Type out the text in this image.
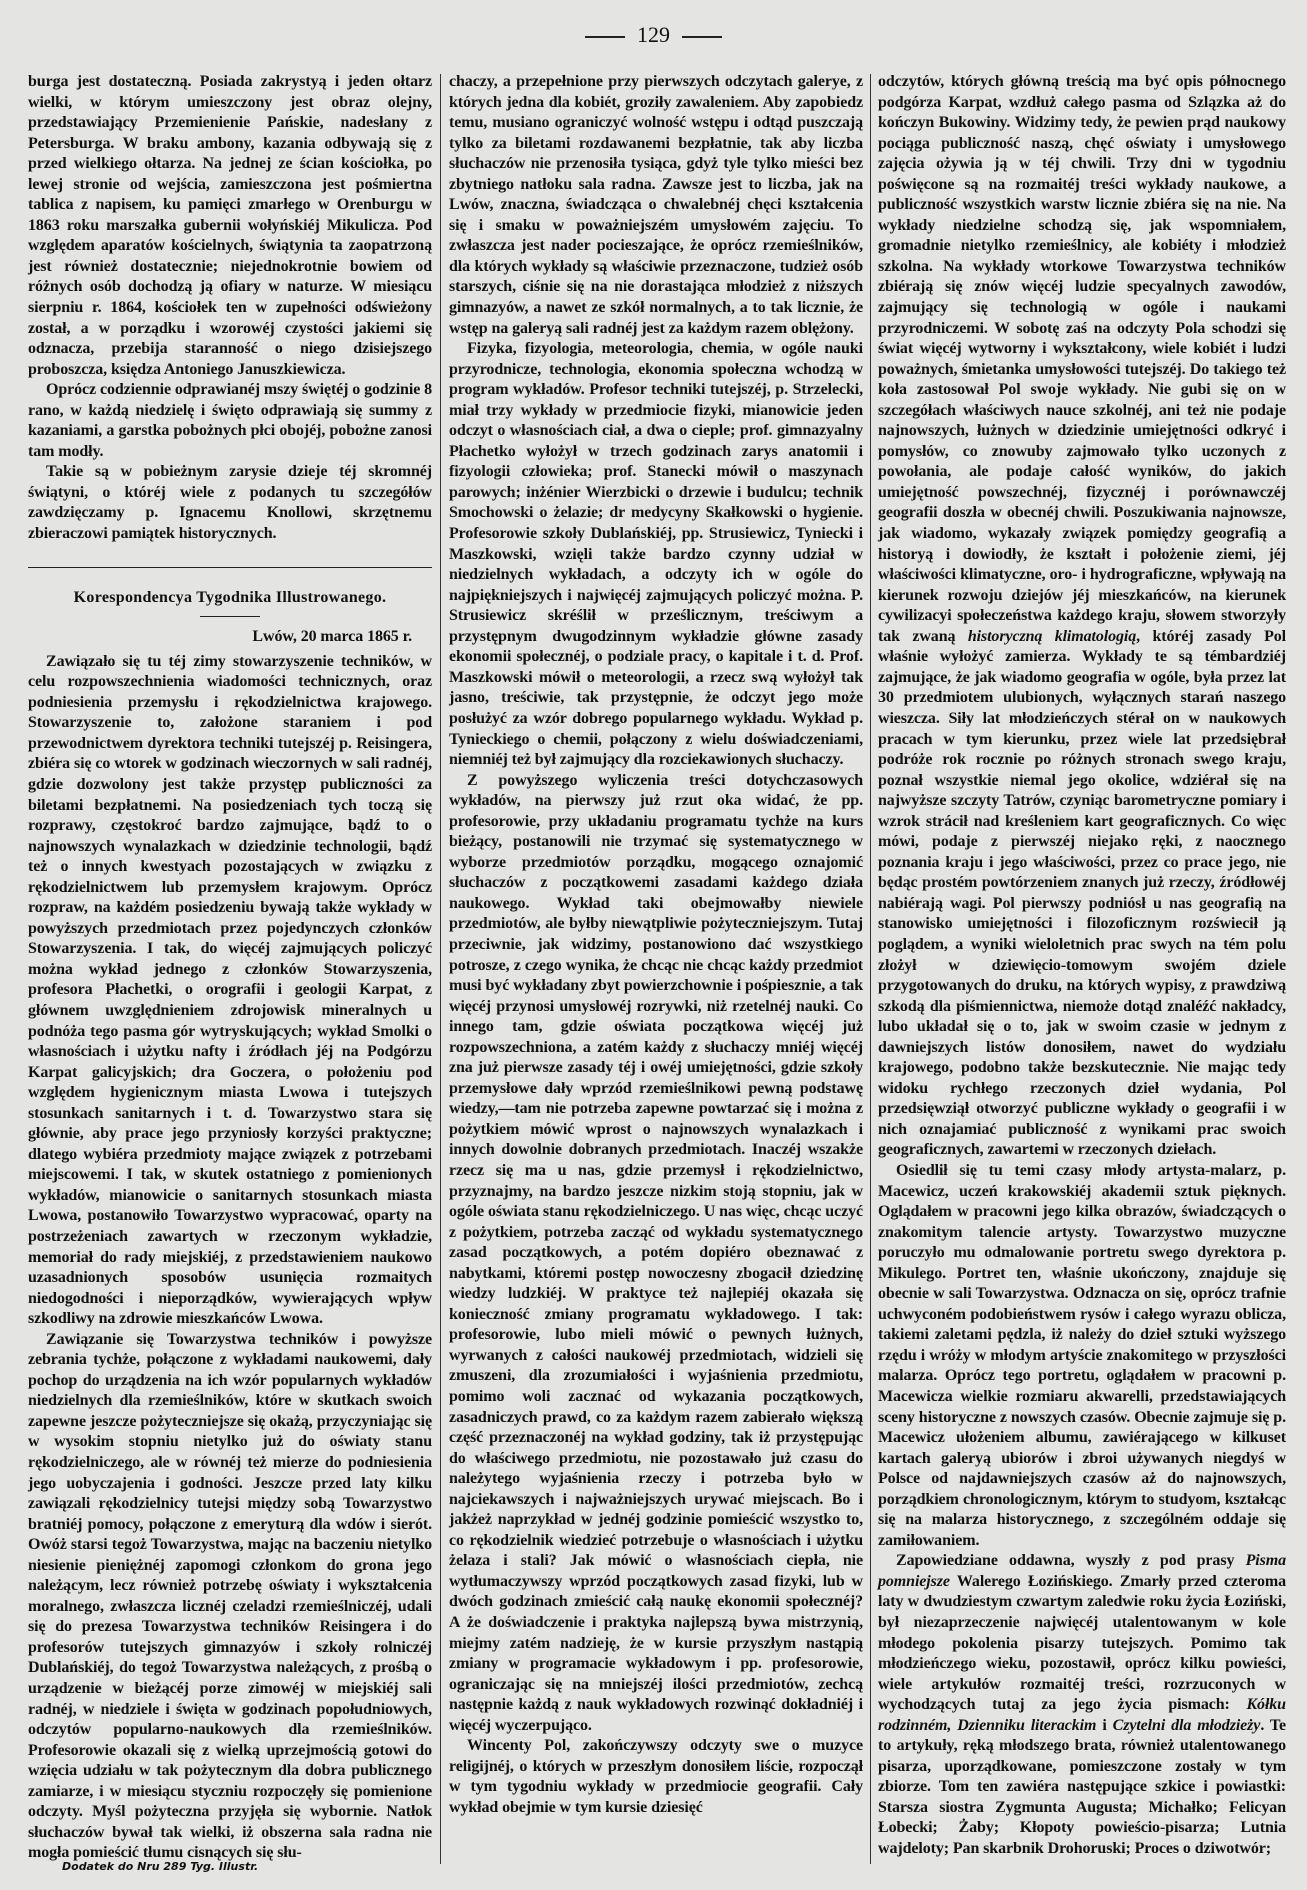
129

burga jest dostateczną. Posiada zakrystyą i jeden ołtarz wielki, w którym umieszczony jest obraz olejny, przedstawiający Przemienienie Pańskie, nadesłany z Petersburga. W braku ambony, kazania odbywają się z przed wielkiego ołtarza. Na jednej ze ścian kościołka, po lewej stronie od wejścia, zamieszczona jest pośmiertna tablica z napisem, ku pamięci zmarłego w Orenburgu w 1863 roku marszałka gubernii wołyńskiéj Mikulicza. Pod względem aparatów kościelnych, świątynia ta zaopatrzoną jest również dostatecznie; niejednokrotnie bowiem od różnych osób dochodzą ją ofiary w naturze. W miesiącu sierpniu r. 1864, kościołek ten w zupełności odświeżony został, a w porządku i wzorowéj czystości jakiemi się odznacza, przebija staranność o niego dzisiejszego proboszcza, księdza Antoniego Januszkiewicza.

Oprócz codziennie odprawianéj mszy świętéj o godzinie 8 rano, w każdą niedzielę i święto odprawiają się summy z kazaniami, a garstka pobożnych płci obojéj, pobożne zanosi tam modły.

Takie są w pobieżnym zarysie dzieje téj skromnéj świątyni, o któréj wiele z podanych tu szczegółów zawdzięczamy p. Ignacemu Knollowi, skrzętnemu zbieraczowi pamiątek historycznych.

Korespondencya Tygodnika Illustrowanego.
Lwów, 20 marca 1865 r.

Zawiązało się tu téj zimy stowarzyszenie techników, w celu rozpowszechnienia wiadomości technicznych, oraz podniesienia przemysłu i rękodzielnictwa krajowego. Stowarzyszenie to, założone staraniem i pod przewodnictwem dyrektora techniki tutejszéj p. Reisingera, zbiéra się co wtorek w godzinach wieczornych w sali radnéj, gdzie dozwolony jest także przystęp publiczności za biletami bezpłatnemi. Na posiedzeniach tych toczą się rozprawy, częstokroć bardzo zajmujące, bądź to o najnowszych wynalazkach w dziedzinie technologii, bądź też o innych kwestyach pozostających w związku z rękodzielnictwem lub przemysłem krajowym. Oprócz rozpraw, na każdém posiedzeniu bywają także wykłady w powyższych przedmiotach przez pojedynczych członków Stowarzyszenia. I tak, do więcéj zajmujących policzyć można wykład jednego z członków Stowarzyszenia, profesora Płachetki, o orografii i geologii Karpat, z głównem uwzględnieniem zdrojowisk mineralnych u podnóża tego pasma gór wytryskujących; wykład Smolki o własnościach i użytku nafty i źródłach jéj na Podgórzu Karpat galicyjskich; dra Goczera, o położeniu pod względem hygienicznym miasta Lwowa i tutejszych stosunkach sanitarnych i t. d. Towarzystwo stara się głównie, aby prace jego przyniosły korzyści praktyczne; dlatego wybiéra przedmioty mające związek z potrzebami miejscowemi. I tak, w skutek ostatniego z pomienionych wykładów, mianowicie o sanitarnych stosunkach miasta Lwowa, postanowiło Towarzystwo wypracować, oparty na postrzeżeniach zawartych w rzeczonym wykładzie, memoriał do rady miejskiéj, z przedstawieniem naukowo uzasadnionych sposobów usunięcia rozmaitych niedogodności i nieporządków, wywierających wpływ szkodliwy na zdrowie mieszkańców Lwowa.

Zawiązanie się Towarzystwa techników i powyższe zebrania tychże, połączone z wykładami naukowemi, dały pochop do urządzenia na ich wzór popularnych wykładów niedzielnych dla rzemieślników, które w skutkach swoich zapewne jeszcze pożyteczniejsze się okażą, przyczyniając się w wysokim stopniu nietylko już do oświaty stanu rękodzielniczego, ale w równéj też mierze do podniesienia jego uobyczajenia i godności. Jeszcze przed laty kilku zawiązali rękodzielnicy tutejsi między sobą Towarzystwo bratniéj pomocy, połączone z emeryturą dla wdów i sierót. Owóż starsi tegoż Towarzystwa, mając na baczeniu nietylko niesienie pieniężnéj zapomogi członkom do grona jego należącym, lecz również potrzebę oświaty i wykształcenia moralnego, zwłaszcza licznéj czeladzi rzemieślniczéj, udali się do prezesa Towarzystwa techników Reisingera i do profesorów tutejszych gimnazyów i szkoły rolniczéj Dublańskiéj, do tegoż Towarzystwa należących, z prośbą o urządzenie w bieżącéj porze zimowéj w miejskiéj sali radnéj, w niedziele i święta w godzinach popołudniowych, odczytów popularno-naukowych dla rzemieślników. Profesorowie okazali się z wielką uprzejmością gotowi do wzięcia udziału w tak pożytecznym dla dobra publicznego zamiarze, i w miesiącu styczniu rozpoczęły się pomienione odczyty. Myśl pożyteczna przyjęła się wybornie. Natłok słuchaczów bywał tak wielki, iż obszerna sala radna nie mogła pomieścić tłumu cisnących się słu-

chaczy, a przepełnione przy pierwszych odczytach galerye, z których jedna dla kobiét, groziły zawaleniem. Aby zapobiedz temu, musiano ograniczyć wolność wstępu i odtąd puszczają tylko za biletami rozdawanemi bezpłatnie, tak aby liczba słuchaczów nie przenosiła tysiąca, gdyż tyle tylko mieści bez zbytniego natłoku sala radna. Zawsze jest to liczba, jak na Lwów, znaczna, świadcząca o chwalebnéj chęci kształcenia się i smaku w poważniejszém umysłowém zajęciu. To zwłaszcza jest nader pocieszające, że oprócz rzemieślników, dla których wykłady są właściwie przeznaczone, tudzież osób starszych, ciśnie się na nie dorastająca młodzież z niższych gimnazyów, a nawet ze szkół normalnych, a to tak licznie, że wstęp na galeryą sali radnéj jest za każdym razem oblężony.

Fizyka, fizyologia, meteorologia, chemia, w ogóle nauki przyrodnicze, technologia, ekonomia społeczna wchodzą w program wykładów. Profesor techniki tutejszéj, p. Strzelecki, miał trzy wykłady w przedmiocie fizyki, mianowicie jeden odczyt o własnościach ciał, a dwa o cieple; prof. gimnazyalny Płachetko wyłożył w trzech godzinach zarys anatomii i fizyologii człowieka; prof. Stanecki mówił o maszynach parowych; inżénier Wierzbicki o drzewie i budulcu; technik Smochowski o żelazie; dr medycyny Skałkowski o hygienie. Profesorowie szkoły Dublańskiéj, pp. Strusiewicz, Tyniecki i Maszkowski, wzięli także bardzo czynny udział w niedzielnych wykładach, a odczyty ich w ogóle do najpiękniejszych i najwięcéj zajmujących policzyć można. P. Strusiewicz skréślił w prześlicznym, treściwym a przystępnym dwugodzinnym wykładzie główne zasady ekonomii społecznéj, o podziale pracy, o kapitale i t. d. Prof. Maszkowski mówił o meteorologii, a rzecz swą wyłożył tak jasno, treściwie, tak przystępnie, że odczyt jego może posłużyć za wzór dobrego popularnego wykładu. Wykład p. Tynieckiego o chemii, połączony z wielu doświadczeniami, niemniéj też był zajmujący dla rozciekawionych słuchaczy.

Z powyższego wyliczenia treści dotychczasowych wykładów, na pierwszy już rzut oka widać, że pp. profesorowie, przy układaniu programatu tychże na kurs bieżący, postanowili nie trzymać się systematycznego w wyborze przedmiotów porządku, mogącego oznajomić słuchaczów z początkowemi zasadami każdego działa naukowego. Wykład taki obejmowałby niewiele przedmiotów, ale byłby niewątpliwie pożyteczniejszym. Tutaj przeciwnie, jak widzimy, postanowiono dać wszystkiego potrosze, z czego wynika, że chcąc nie chcąc każdy przedmiot musi być wykładany zbyt powierzchownie i pośpiesznie, a tak więcéj przynosi umysłowéj rozrywki, niż rzetelnéj nauki. Co innego tam, gdzie oświata początkowa więcéj już rozpowszechniona, a zatém każdy z słuchaczy mniéj więcéj zna już pierwsze zasady téj i owéj umiejętności, gdzie szkoły przemysłowe dały wprzód rzemieślnikowi pewną podstawę wiedzy,—tam nie potrzeba zapewne powtarzać się i można z pożytkiem mówić wprost o najnowszych wynalazkach i innych dowolnie dobranych przedmiotach. Inaczéj wszakże rzecz się ma u nas, gdzie przemysł i rękodzielnictwo, przyznajmy, na bardzo jeszcze nizkim stoją stopniu, jak w ogóle oświata stanu rękodzielniczego. U nas więc, chcąc uczyć z pożytkiem, potrzeba zacząć od wykładu systematycznego zasad początkowych, a potém dopiéro obeznawać z nabytkami, któremi postęp nowoczesny zbogacił dziedzinę wiedzy ludzkiéj. W praktyce też najlepiéj okazała się konieczność zmiany programatu wykładowego. I tak: profesorowie, lubo mieli mówić o pewnych łużnych, wyrwanych z całości naukowéj przedmiotach, widzieli się zmuszeni, dla zrozumiałości i wyjaśnienia przedmiotu, pomimo woli zacznać od wykazania początkowych, zasadniczych prawd, co za każdym razem zabierało większą część przeznaczonéj na wykład godziny, tak iż przystępując do właściwego przedmiotu, nie pozostawało już czasu do należytego wyjaśnienia rzeczy i potrzeba było w najciekawszych i najważniejszych urywać miejscach. Bo i jakżeż naprzykład w jednéj godzinie pomieścić wszystko to, co rękodzielnik wiedzieć potrzebuje o własnościach i użytku żelaza i stali? Jak mówić o własnościach ciepła, nie wytłumaczywszy wprzód początkowych zasad fizyki, lub w dwóch godzinach zmieścić całą naukę ekonomii społecznéj? A że doświadczenie i praktyka najlepszą bywa mistrzynią, miejmy zatém nadzieję, że w kursie przyszłym nastąpią zmiany w programacie wykładowym i pp. profesorowie, ograniczając się na mniejszéj ilości przedmiotów, zechcą następnie każdą z nauk wykładowych rozwinąć dokładniéj i więcéj wyczerpująco.

Wincenty Pol, zakończywszy odczyty swe o muzyce religijnéj, o których w przeszłym donosiłem liście, rozpoczął w tym tygodniu wykłady w przedmiocie geografii. Cały wykład obejmie w tym kursie dziesięć

odczytów, których główną treścią ma być opis północnego podgórza Karpat, wzdłuż całego pasma od Szlązka aż do kończyn Bukowiny. Widzimy tedy, że pewien prąd naukowy pociąga publiczność naszą, chęć oświaty i umysłowego zajęcia ożywia ją w téj chwili. Trzy dni w tygodniu poświęcone są na rozmaitéj treści wykłady naukowe, a publiczność wszystkich warstw licznie zbiéra się na nie. Na wykłady niedzielne schodzą się, jak wspomniałem, gromadnie nietylko rzemieślnicy, ale kobiéty i młodzież szkolna. Na wykłady wtorkowe Towarzystwa techników zbiérają się znów więcéj ludzie specyalnych zawodów, zajmujący się technologią w ogóle i naukami przyrodniczemi. W sobotę zaś na odczyty Pola schodzi się świat więcéj wytworny i wykształcony, wiele kobiét i ludzi poważnych, śmietanka umysłowości tutejszéj. Do takiego też koła zastosował Pol swoje wykłady. Nie gubi się on w szczegółach właściwych nauce szkolnéj, ani też nie podaje najnowszych, łużnych w dziedzinie umiejętności odkryć i pomysłów, co znowuby zajmowało tylko uczonych z powołania, ale podaje całość wyników, do jakich umiejętność powszechnéj, fizycznéj i porównawczéj geografii doszła w obecnéj chwili. Poszukiwania najnowsze, jak wiadomo, wykazały związek pomiędzy geografią a historyą i dowiodły, że kształt i położenie ziemi, jéj właściwości klimatyczne, oro- i hydrograficzne, wpływają na kierunek rozwoju dziejów jéj mieszkańców, na kierunek cywilizacyi społeczeństwa każdego kraju, słowem stworzyły tak zwaną historyczną klimatologią, któréj zasady Pol właśnie wyłożyć zamierza. Wykłady te są témbardziéj zajmujące, że jak wiadomo geografia w ogóle, była przez lat 30 przedmiotem ulubionych, wyłącznych starań naszego wieszcza. Siły lat młodzieńczych stérał on w naukowych pracach w tym kierunku, przez wiele lat przedsiębrał podróże rok rocznie po różnych stronach swego kraju, poznał wszystkie niemal jego okolice, wdziérał się na najwyższe szczyty Tatrów, czyniąc barometryczne pomiary i wzrok strácił nad kreśleniem kart geograficznych. Co więc mówi, podaje z pierwszéj niejako ręki, z naocznego poznania kraju i jego właściwości, przez co prace jego, nie będąc prostém powtórzeniem znanych już rzeczy, źródłowéj nabiérają wagi. Pol pierwszy podniósł u nas geografią na stanowisko umiejętności i filozoficznym rozświecił ją poglądem, a wyniki wieloletnich prac swych na tém polu złożył w dziewięcio-tomowym swojém dziele przygotowanych do druku, na których wypisy, z prawdziwą szkodą dla piśmiennictwa, niemoże dotąd znaléźć nakładcy, lubo układał się o to, jak w swoim czasie w jednym z dawniejszych listów donosiłem, nawet do wydziału krajowego, podobno także bezskutecznie. Nie mając tedy widoku rychłego rzeczonych dzieł wydania, Pol przedsięwziął otworzyć publiczne wykłady o geografii i w nich oznajamiać publiczność z wynikami prac swoich geograficznych, zawartemi w rzeczonych dziełach.

Osiedlił się tu temi czasy młody artysta-malarz, p. Macewicz, uczeń krakowskiéj akademii sztuk pięknych. Oglądałem w pracowni jego kilka obrazów, świadczących o znakomitym talencie artysty. Towarzystwo muzyczne poruczyło mu odmalowanie portretu swego dyrektora p. Mikulego. Portret ten, właśnie ukończony, znajduje się obecnie w sali Towarzystwa. Odznacza on się, oprócz trafnie uchwyconém podobieństwem rysów i całego wyrazu oblicza, takiemi zaletami pędzla, iż należy do dzieł sztuki wyższego rzędu i wróży w młodym artyście znakomitego w przyszłości malarza. Oprócz tego portretu, oglądałem w pracowni p. Macewicza wielkie rozmiaru akwarelli, przedstawiających sceny historyczne z nowszych czasów. Obecnie zajmuje się p. Macewicz ułożeniem albumu, zawiérającego w kilkuset kartach galeryą ubiorów i zbroi używanych niegdyś w Polsce od najdawniejszych czasów aż do najnowszych, porządkiem chronologicznym, którym to studyom, kształcąc się na malarza historycznego, z szczególném oddaje się zamiłowaniem.

Zapowiedziane oddawna, wyszły z pod prasy Pisma pomniejsze Walerego Łozińskiego. Zmarły przed czteroma laty w dwudziestym czwartym zaledwie roku życia Łoziński, był niezaprzeczenie najwięcéj utalentowanym w kole młodego pokolenia pisarzy tutejszych. Pomimo tak młodzieńczego wieku, pozostawił, oprócz kilku powieści, wiele artykułów rozmaitéj treści, rozrzuconych w wychodzących tutaj za jego życia pismach: Kółku rodzinném, Dzienniku literackim i Czytelni dla młodzieży. Te to artykuły, ręką młodszego brata, również utalentowanego pisarza, uporządkowane, pomieszczone zostały w tym zbiorze. Tom ten zawiéra następujące szkice i powiastki: Starsza siostra Zygmunta Augusta; Michałko; Felicyan Łobecki; Żaby; Kłopoty powieścio-pisarza; Lutnia wajdeloty; Pan skarbnik Drohoruski; Proces o dziwotwór;

Dodatek do Nru 289 Tyg. Illustr.
